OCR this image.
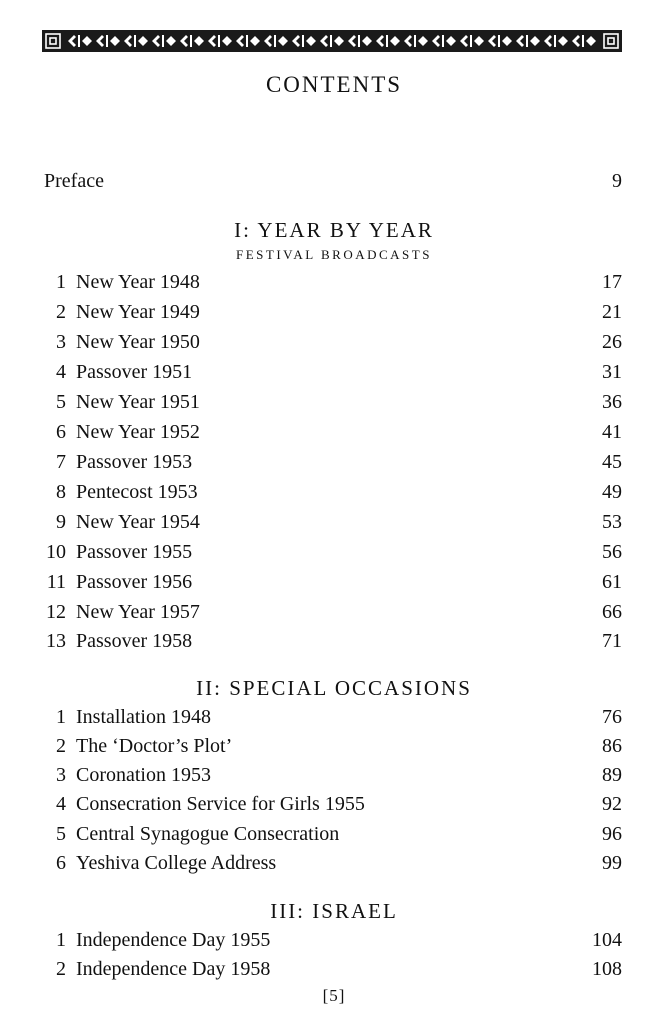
CONTENTS
Preface	9
I: YEAR BY YEAR
FESTIVAL BROADCASTS
1 New Year 1948	17
2 New Year 1949	21
3 New Year 1950	26
4 Passover 1951	31
5 New Year 1951	36
6 New Year 1952	41
7 Passover 1953	45
8 Pentecost 1953	49
9 New Year 1954	53
10 Passover 1955	56
11 Passover 1956	61
12 New Year 1957	66
13 Passover 1958	71
II: SPECIAL OCCASIONS
1 Installation 1948	76
2 The ‘Doctor’s Plot’	86
3 Coronation 1953	89
4 Consecration Service for Girls 1955	92
5 Central Synagogue Consecration	96
6 Yeshiva College Address	99
III: ISRAEL
1 Independence Day 1955	104
2 Independence Day 1958	108
[5]
